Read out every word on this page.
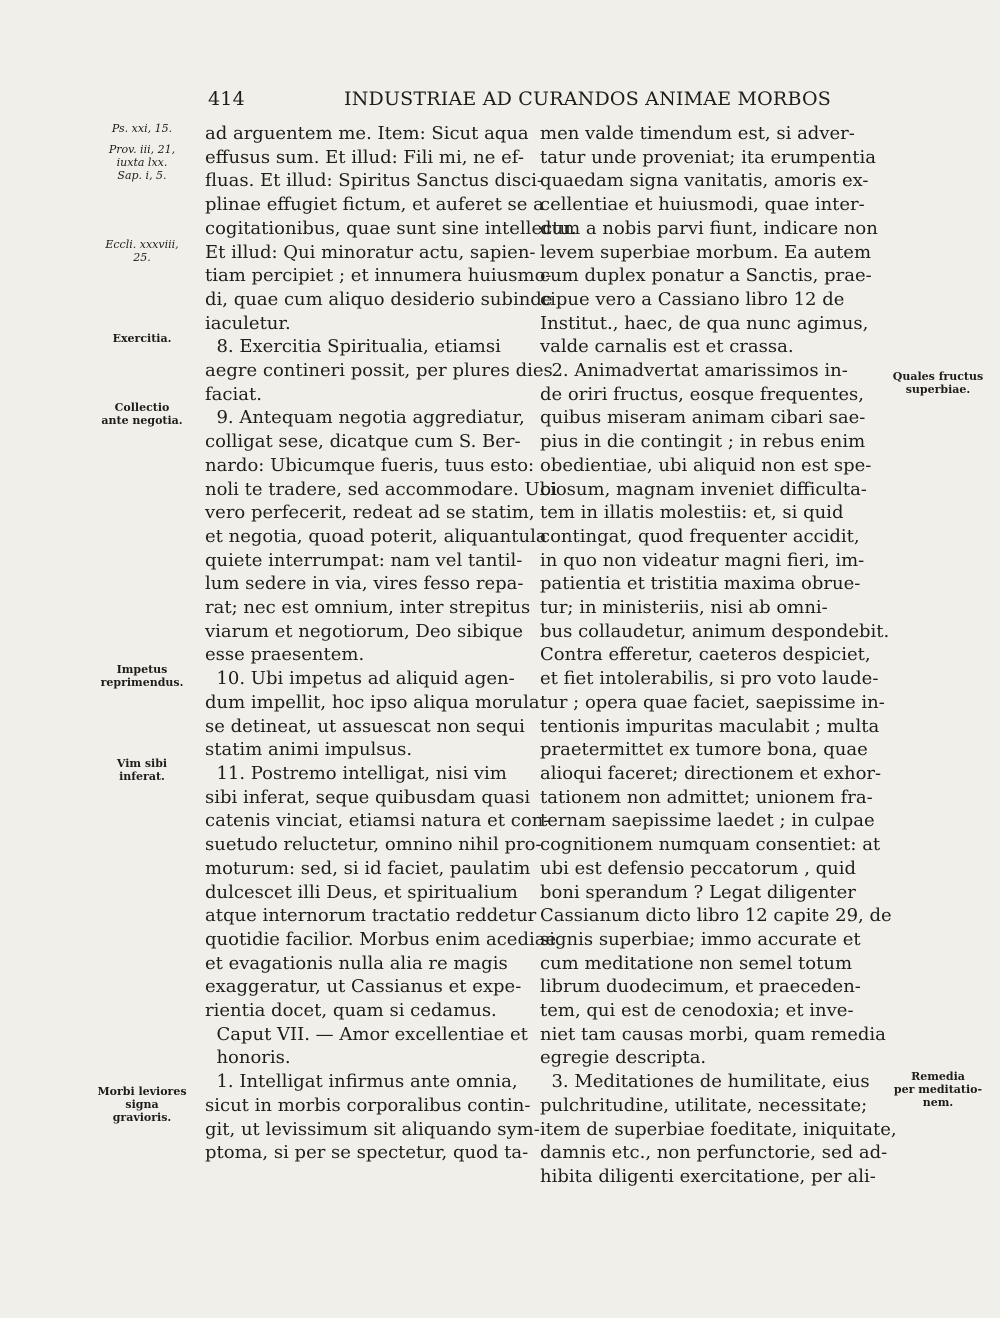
414	INDUSTRIAE AD CURANDOS ANIMAE MORBOS
Ps. xxi, 15.
Prov. iii, 21,
iuxta lxx.
Sap. i, 5.
Eccli. xxxviii,
25.
Exercitia.
Collectio
ante negotia.
Impetus
reprimendus.
Vim sibi
inferat.
Morbi leviores
signa
gravioris.
Quales fructus
superbiae.
Remedia
per meditatio-
nem.
ad arguentem me. Item: Sicut aqua
effusus sum. Et illud: Fili mi, ne ef-
fluas. Et illud: Spiritus Sanctus disci-
plinae effugiet fictum, et auferet se a
cogitationibus, quae sunt sine intellectu.
Et illud: Qui minoratur actu, sapien-
tiam percipiet ; et innumera huiusmo-
di, quae cum aliquo desiderio subinde
iaculetur.
8. Exercitia Spiritualia, etiamsi
aegre contineri possit, per plures dies
faciat.
9. Antequam negotia aggrediatur,
colligat sese, dicatque cum S. Ber-
nardo: Ubicumque fueris, tuus esto:
noli te tradere, sed accommodare. Ubi
vero perfecerit, redeat ad se statim,
et negotia, quoad poterit, aliquantula
quiete interrumpat: nam vel tantil-
lum sedere in via, vires fesso repa-
rat; nec est omnium, inter strepitus
viarum et negotiorum, Deo sibique
esse praesentem.
10. Ubi impetus ad aliquid agen-
dum impellit, hoc ipso aliqua morula
se detineat, ut assuescat non sequi
statim animi impulsus.
11. Postremo intelligat, nisi vim
sibi inferat, seque quibusdam quasi
catenis vinciat, etiamsi natura et con-
suetudo reluctetur, omnino nihil pro-
moturum: sed, si id faciet, paulatim
dulcescet illi Deus, et spiritualium
atque internorum tractatio reddetur
quotidie facilior. Morbus enim acediae
et evagationis nulla alia re magis
exaggeratur, ut Cassianus et expe-
rientia docet, quam si cedamus.
Caput VII. — Amor excellentiae et
honoris.
1. Intelligat infirmus ante omnia,
sicut in morbis corporalibus contin-
git, ut levissimum sit aliquando sym-
ptoma, si per se spectetur, quod ta-
men valde timendum est, si adver-
tatur unde proveniat; ita erumpentia
quaedam signa vanitatis, amoris ex-
cellentiae et huiusmodi, quae inter-
dum a nobis parvi fiunt, indicare non
levem superbiae morbum. Ea autem
cum duplex ponatur a Sanctis, prae-
cipue vero a Cassiano libro 12 de
Institut., haec, de qua nunc agimus,
valde carnalis est et crassa.
2. Animadvertat amarissimos in-
de oriri fructus, eosque frequentes,
quibus miseram animam cibari sae-
pius in die contingit ; in rebus enim
obedientiae, ubi aliquid non est spe-
ciosum, magnam inveniet difficulta-
tem in illatis molestiis: et, si quid
contingat, quod frequenter accidit,
in quo non videatur magni fieri, im-
patientia et tristitia maxima obrue-
tur; in ministeriis, nisi ab omni-
bus collaudetur, animum despondebit.
Contra efferetur, caeteros despiciet,
et fiet intolerabilis, si pro voto laude-
tur ; opera quae faciet, saepissime in-
tentionis impuritas maculabit ; multa
praetermittet ex tumore bona, quae
alioqui faceret; directionem et exhor-
tationem non admittet; unionem fra-
ternam saepissime laedet ; in culpae
cognitionem numquam consentiet: at
ubi est defensio peccatorum , quid
boni sperandum ? Legat diligenter
Cassianum dicto libro 12 capite 29, de
signis superbiae; immo accurate et
cum meditatione non semel totum
librum duodecimum, et praeceden-
tem, qui est de cenodoxia; et inve-
niet tam causas morbi, quam remedia
egregie descripta.
3. Meditationes de humilitate, eius
pulchritudine, utilitate, necessitate;
item de superbiae foeditate, iniquitate,
damnis etc., non perfunctorie, sed ad-
hibita diligenti exercitatione, per ali-
